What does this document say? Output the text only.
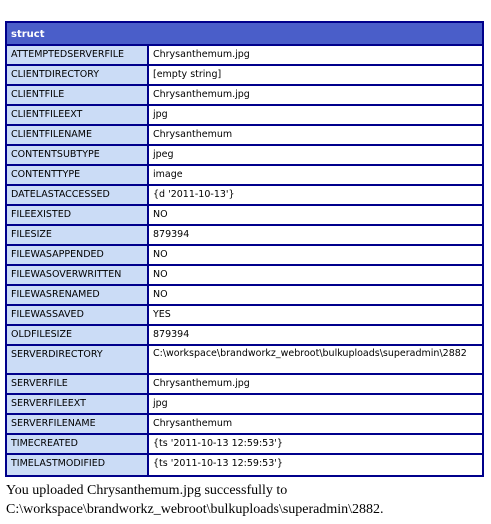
struct
ATTEMPTEDSERVERFILE	Chrysanthemum.jpg
CLIENTDIRECTORY	[empty string]
CLIENTFILE	Chrysanthemum.jpg
CLIENTFILEEXT	jpg
CLIENTFILENAME	Chrysanthemum
CONTENTSUBTYPE	jpeg
CONTENTTYPE	image
DATELASTACCESSED	{d '2011-10-13'}
FILEEXISTED	NO
FILESIZE	879394
FILEWASAPPENDED	NO
FILEWASOVERWRITTEN	NO
FILEWASRENAMED	NO
FILEWASSAVED	YES
OLDFILESIZE	879394
SERVERDIRECTORY	C:\workspace\brandworkz_webroot\bulkuploads\superadmin\2882
SERVERFILE	Chrysanthemum.jpg
SERVERFILEEXT	jpg
SERVERFILENAME	Chrysanthemum
TIMECREATED	{ts '2011-10-13 12:59:53'}
TIMELASTMODIFIED	{ts '2011-10-13 12:59:53'}
You uploaded Chrysanthemum.jpg successfully to C:\workspace\brandworkz_webroot\bulkuploads\superadmin\2882.
